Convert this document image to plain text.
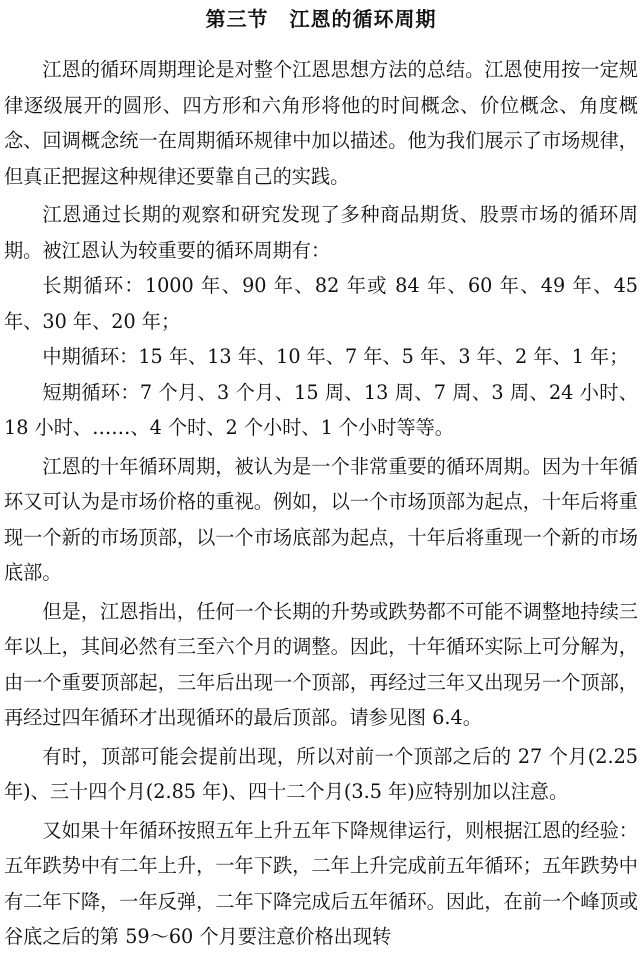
第三节　江恩的循环周期

江恩的循环周期理论是对整个江恩思想方法的总结。江恩使用按一定规律逐级展开的圆形、四方形和六角形将他的时间概念、价位概念、角度概念、回调概念统一在周期循环规律中加以描述。他为我们展示了市场规律，但真正把握这种规律还要靠自己的实践。

江恩通过长期的观察和研究发现了多种商品期货、股票市场的循环周期。被江恩认为较重要的循环周期有：

长期循环：1000 年、90 年、82 年或 84 年、60 年、49 年、45 年、30 年、20 年；

中期循环：15 年、13 年、10 年、7 年、5 年、3 年、2 年、1 年；

短期循环：7 个月、3 个月、15 周、13 周、7 周、3 周、24 小时、18 小时、……、4 个时、2 个小时、1 个小时等等。

江恩的十年循环周期，被认为是一个非常重要的循环周期。因为十年循环又可认为是市场价格的重视。例如，以一个市场顶部为起点，十年后将重现一个新的市场顶部，以一个市场底部为起点，十年后将重现一个新的市场底部。

但是，江恩指出，任何一个长期的升势或跌势都不可能不调整地持续三年以上，其间必然有三至六个月的调整。因此，十年循环实际上可分解为，由一个重要顶部起，三年后出现一个顶部，再经过三年又出现另一个顶部，再经过四年循环才出现循环的最后顶部。请参见图 6.4。

有时，顶部可能会提前出现，所以对前一个顶部之后的 27 个月(2.25 年)、三十四个月(2.85 年)、四十二个月(3.5 年)应特别加以注意。

又如果十年循环按照五年上升五年下降规律运行，则根据江恩的经验：五年跌势中有二年上升，一年下跌，二年上升完成前五年循环；五年跌势中有二年下降，一年反弹，二年下降完成后五年循环。因此，在前一个峰顶或谷底之后的第 59～60 个月要注意价格出现转
